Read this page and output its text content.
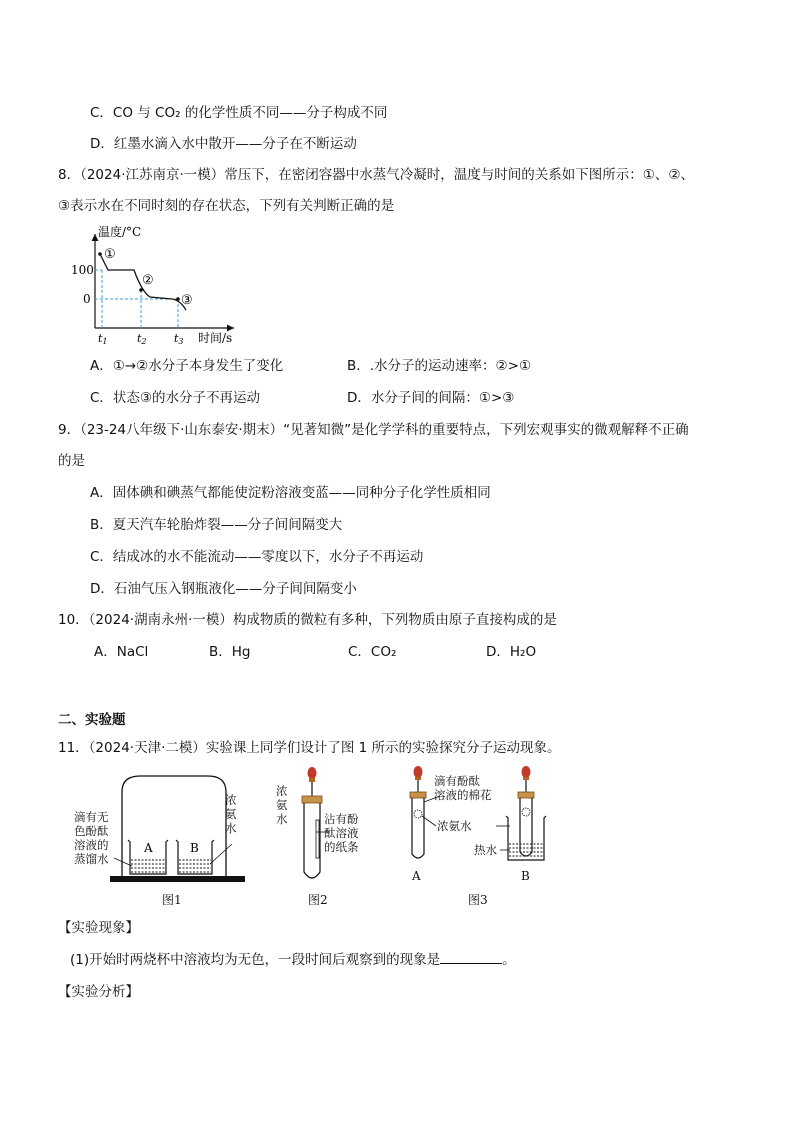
C．CO 与 CO₂ 的化学性质不同——分子构成不同
D．红墨水滴入水中散开——分子在不断运动
8．（2024·江苏南京·一模）常压下，在密闭容器中水蒸气冷凝时，温度与时间的关系如下图所示：①、②、
③表示水在不同时刻的存在状态，下列有关判断正确的是
温度/°C
时间/s
100
0
t1	t2 t3
①
②
③
A．①→②水分子本身发生了变化	B．.水分子的运动速率：②>①
C．状态③的水分子不再运动	D．水分子间的间隔：①>③
9．（23-24八年级下·山东泰安·期末）“见著知微”是化学学科的重要特点，下列宏观事实的微观解释不正确
的是
A．固体碘和碘蒸气都能使淀粉溶液变蓝——同种分子化学性质相同
B．夏天汽车轮胎炸裂——分子间间隔变大
C．结成冰的水不能流动——零度以下，水分子不再运动
D．石油气压入钢瓶液化——分子间间隔变小
10．（2024·湖南永州·一模）构成物质的微粒有多种，下列物质由原子直接构成的是
A．NaCl	B．Hg	C．CO₂	D．H₂O
二、实验题
11．（2024·天津·二模）实验课上同学们设计了图 1 所示的实验探究分子运动现象。
A	B
滴有无
色酚酞
溶液的
蒸馏水
浓
氨
水
图1
浓
氨
水	沾有酚
酞溶液
的纸条
图2
滴有酚酞
溶液的棉花
浓氨水
热水
A	B
图3
【实验现象】
(1)开始时两烧杯中溶液均为无色，一段时间后观察到的现象是	。
【实验分析】
